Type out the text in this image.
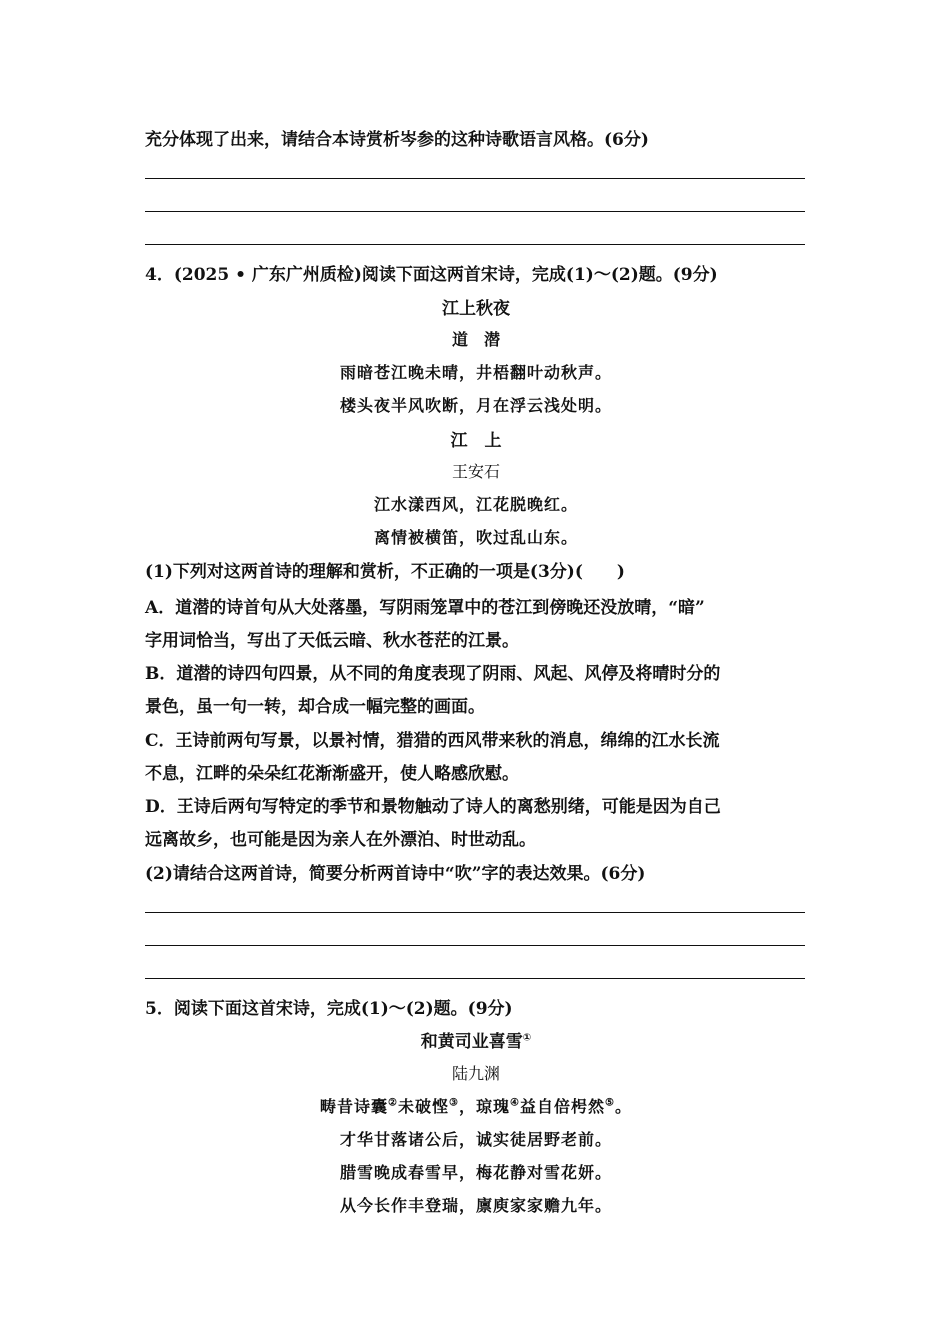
充分体现了出来，请结合本诗赏析岑参的这种诗歌语言风格。(6分)
4．(2025 • 广东广州质检)阅读下面这两首宋诗，完成(1)～(2)题。(9分)
江上秋夜
道　潜
雨暗苍江晚未晴，井梧翻叶动秋声。
楼头夜半风吹断，月在浮云浅处明。
江　上
王安石
江水漾西风，江花脱晚红。
离情被横笛，吹过乱山东。
(1)下列对这两首诗的理解和赏析，不正确的一项是(3分)(　　)
A．道潜的诗首句从大处落墨，写阴雨笼罩中的苍江到傍晚还没放晴，“暗”
字用词恰当，写出了天低云暗、秋水苍茫的江景。
B．道潜的诗四句四景，从不同的角度表现了阴雨、风起、风停及将晴时分的
景色，虽一句一转，却合成一幅完整的画面。
C．王诗前两句写景，以景衬情，猎猎的西风带来秋的消息，绵绵的江水长流
不息，江畔的朵朵红花渐渐盛开，使人略感欣慰。
D．王诗后两句写特定的季节和景物触动了诗人的离愁别绪，可能是因为自己
远离故乡，也可能是因为亲人在外漂泊、时世动乱。
(2)请结合这两首诗，简要分析两首诗中“吹”字的表达效果。(6分)
5．阅读下面这首宋诗，完成(1)～(2)题。(9分)
和黄司业喜雪①
陆九渊
畴昔诗囊②未破悭③，琼瑰④益自倍枵然⑤。
才华甘落诸公后，诚实徒居野老前。
腊雪晚成春雪早，梅花静对雪花妍。
从今长作丰登瑞，廪庾家家赡九年。
